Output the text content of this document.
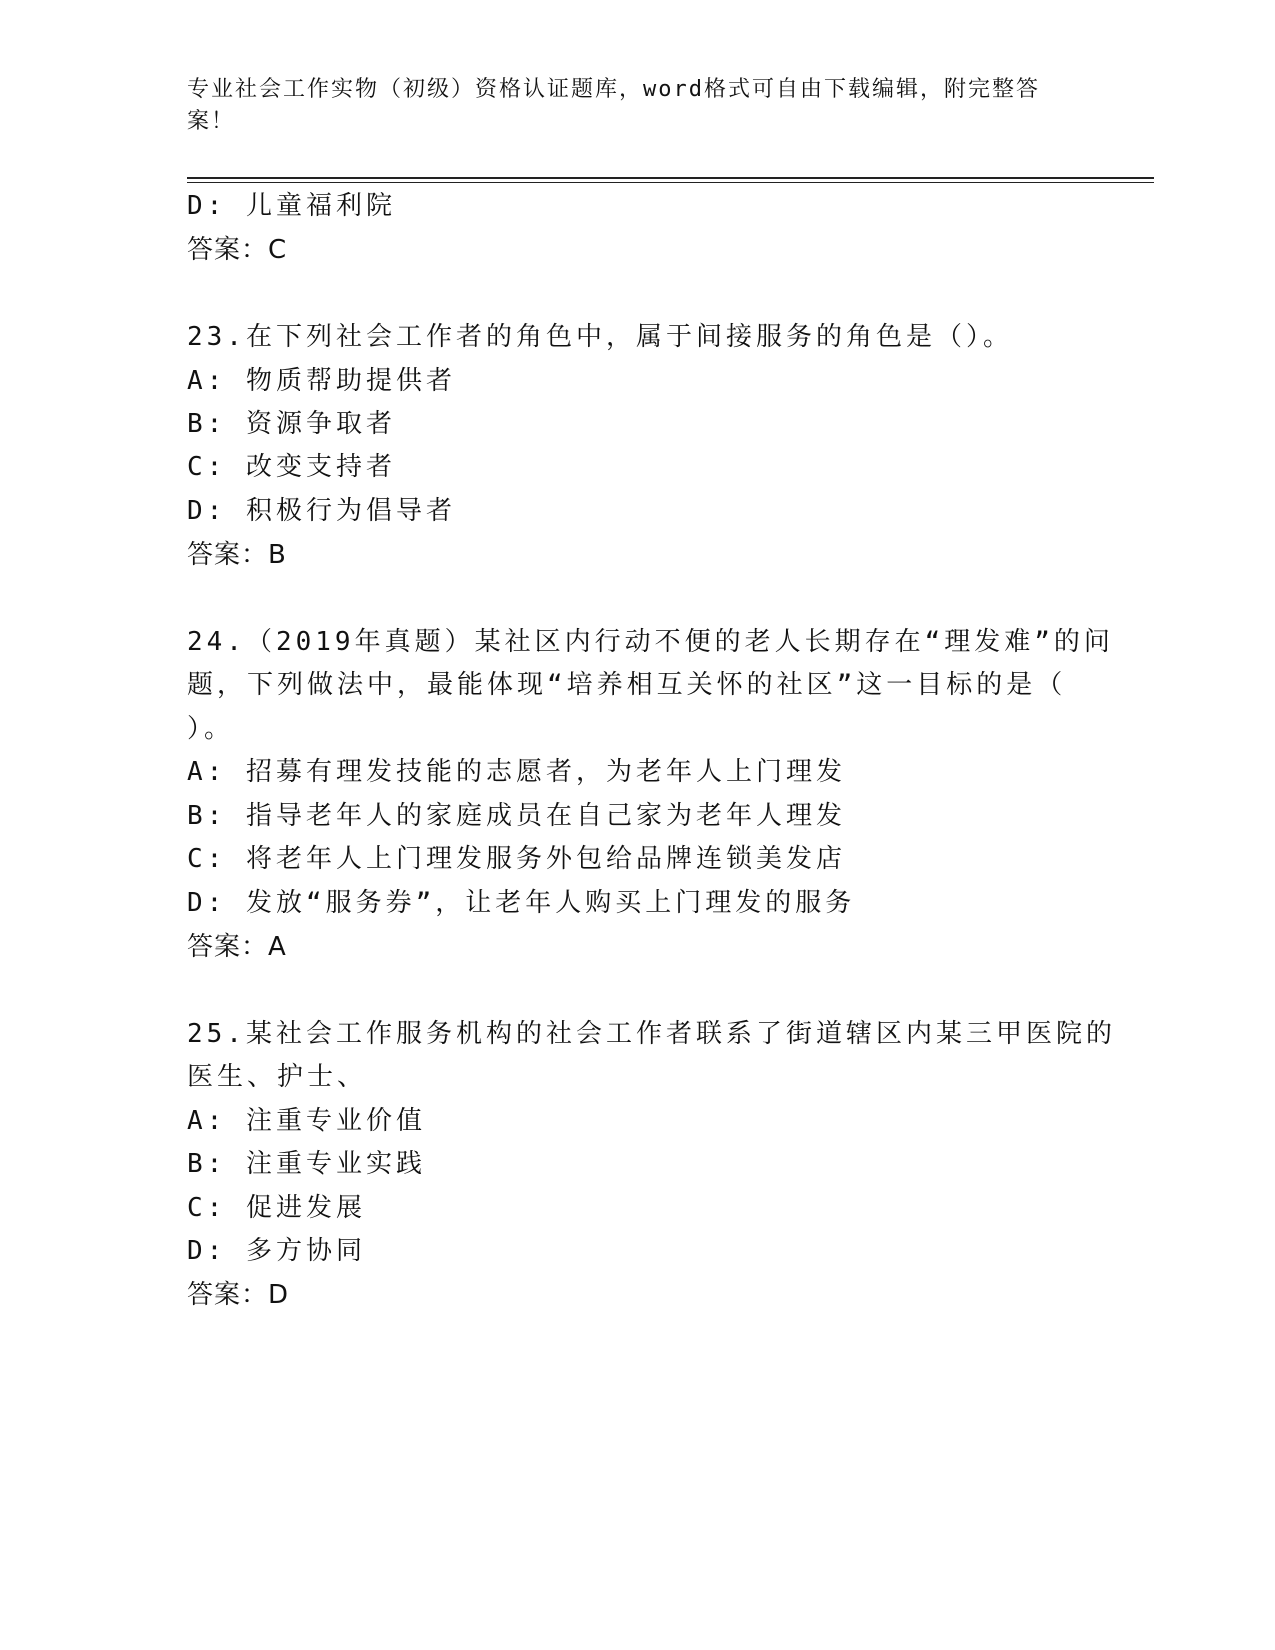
专业社会工作实物（初级）资格认证题库，word格式可自由下载编辑，附完整答案！
D: 儿童福利院
答案：C
23.在下列社会工作者的角色中，属于间接服务的角色是（）。
A: 物质帮助提供者
B: 资源争取者
C: 改变支持者
D: 积极行为倡导者
答案：B
24.（2019年真题）某社区内行动不便的老人长期存在“理发难”的问
题，下列做法中，最能体现“培养相互关怀的社区”这一目标的是（
）。
A: 招募有理发技能的志愿者，为老年人上门理发
B: 指导老年人的家庭成员在自己家为老年人理发
C: 将老年人上门理发服务外包给品牌连锁美发店
D: 发放“服务券”，让老年人购买上门理发的服务
答案：A
25.某社会工作服务机构的社会工作者联系了街道辖区内某三甲医院的
医生、护士、
A: 注重专业价值
B: 注重专业实践
C: 促进发展
D: 多方协同
答案：D
